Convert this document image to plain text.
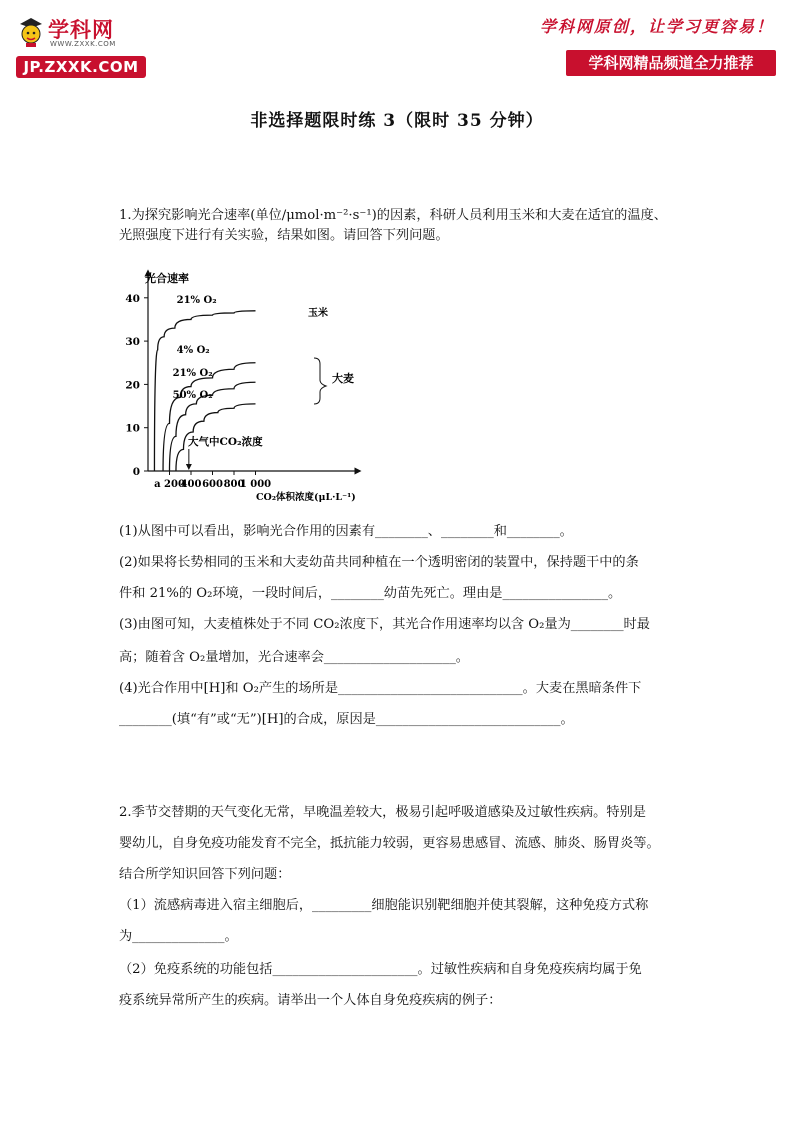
学科网
WWW.ZXXK.COM
JP.ZXXK.COM
学科网原创，让学习更容易！
学科网精品频道全力推荐
非选择题限时练 3（限时 35 分钟）

1.为探究影响光合速率(单位/μmol·m⁻²·s⁻¹)的因素，科研人员利用玉米和大麦在适宜的温度、光照强度下进行有关实验，结果如图。请回答下列问题。

光合速率
CO₂体积浓度(μL·L⁻¹)
0
10
20
30
40
a 200
400 600 800
1 000
21% O₂
4% O₂
21% O₂
50% O₂
玉米
大麦
大气中CO₂浓度
(1)从图中可以看出，影响光合作用的因素有________、________和________。
(2)如果将长势相同的玉米和大麦幼苗共同种植在一个透明密闭的装置中，保持题干中的条
件和 21%的 O₂环境，一段时间后，________幼苗先死亡。理由是________________。
(3)由图可知，大麦植株处于不同 CO₂浓度下，其光合作用速率均以含 O₂量为________时最
高；随着含 O₂量增加，光合速率会____________________。
(4)光合作用中[H]和 O₂产生的场所是____________________________。大麦在黑暗条件下
________(填“有”或“无”)[H]的合成，原因是____________________________。
2.季节交替期的天气变化无常，早晚温差较大，极易引起呼吸道感染及过敏性疾病。特别是
婴幼儿，自身免疫功能发育不完全，抵抗能力较弱，更容易患感冒、流感、肺炎、肠胃炎等。
结合所学知识回答下列问题：
（1）流感病毒进入宿主细胞后，_________细胞能识别靶细胞并使其裂解，这种免疫方式称
为______________。
（2）免疫系统的功能包括______________________。过敏性疾病和自身免疫疾病均属于免
疫系统异常所产生的疾病。请举出一个人体自身免疫疾病的例子：
